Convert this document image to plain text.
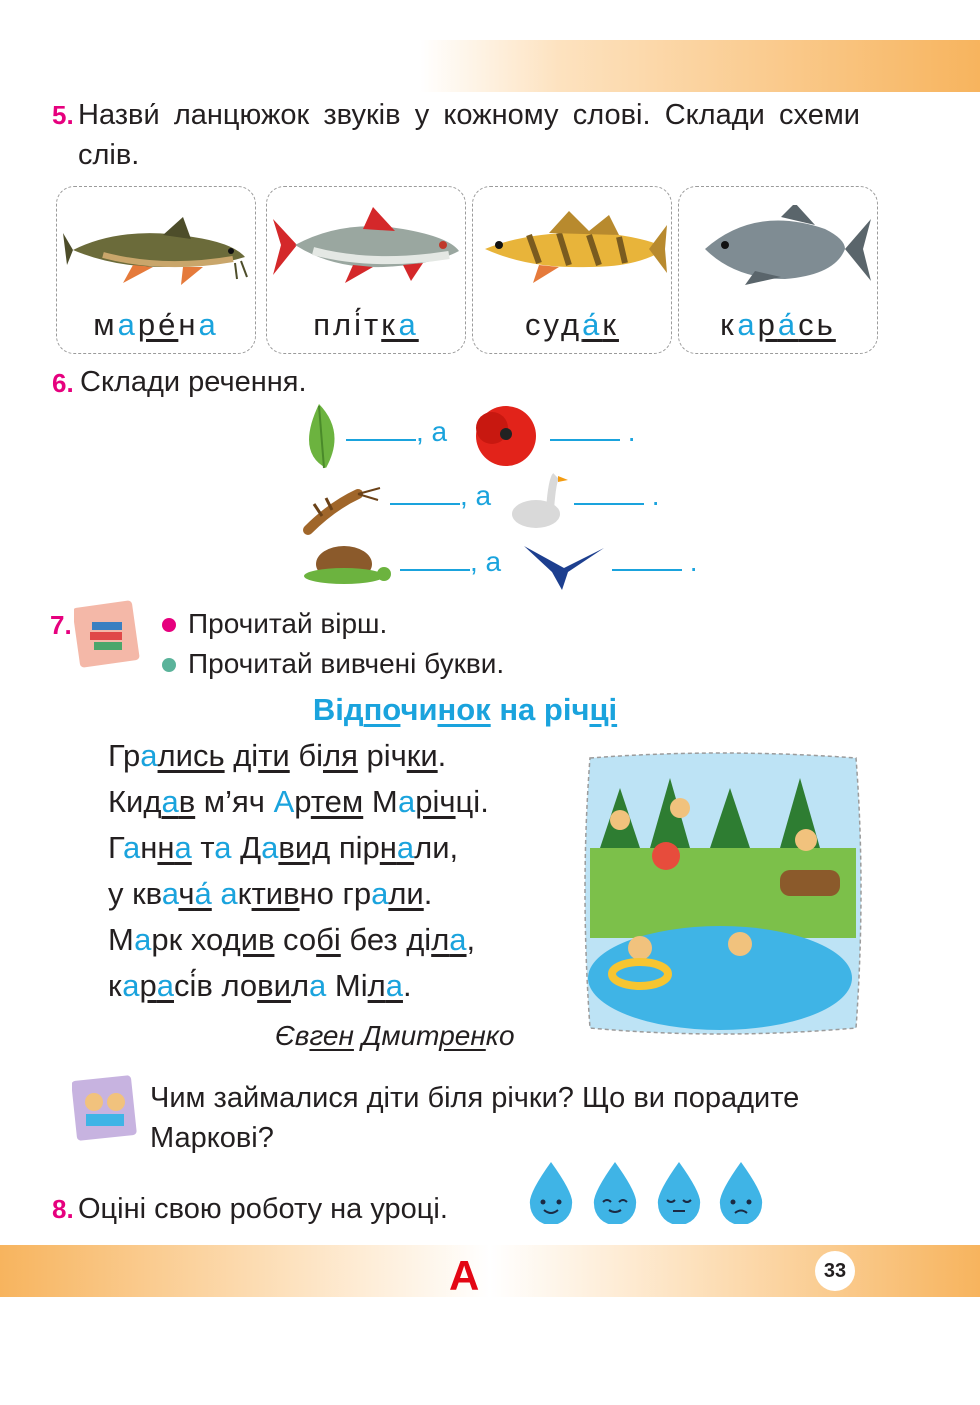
5. Назви́ ланцюжок звуків у кожному слові. Склади схеми слів.
маре́на	плі́тка	суда́к	кара́сь
6. Склади речення.
, а	.
, а	.
, а	.
7.	Прочитай вірш.
Прочитай вивчені букви.
Відпочинок на річці
Грались діти біля річки.
Кидав м’яч Артем Марічці.
Ганна та Давид пірнали,
у квача́ активно грали.
Марк ходив собі без діла,
карасі́в ловила Міла.
Євген Дмитренко
Чим займалися діти біля річки? Що ви порадите Маркові?
8. Оцінi свою роботу на уроці.
А	33
